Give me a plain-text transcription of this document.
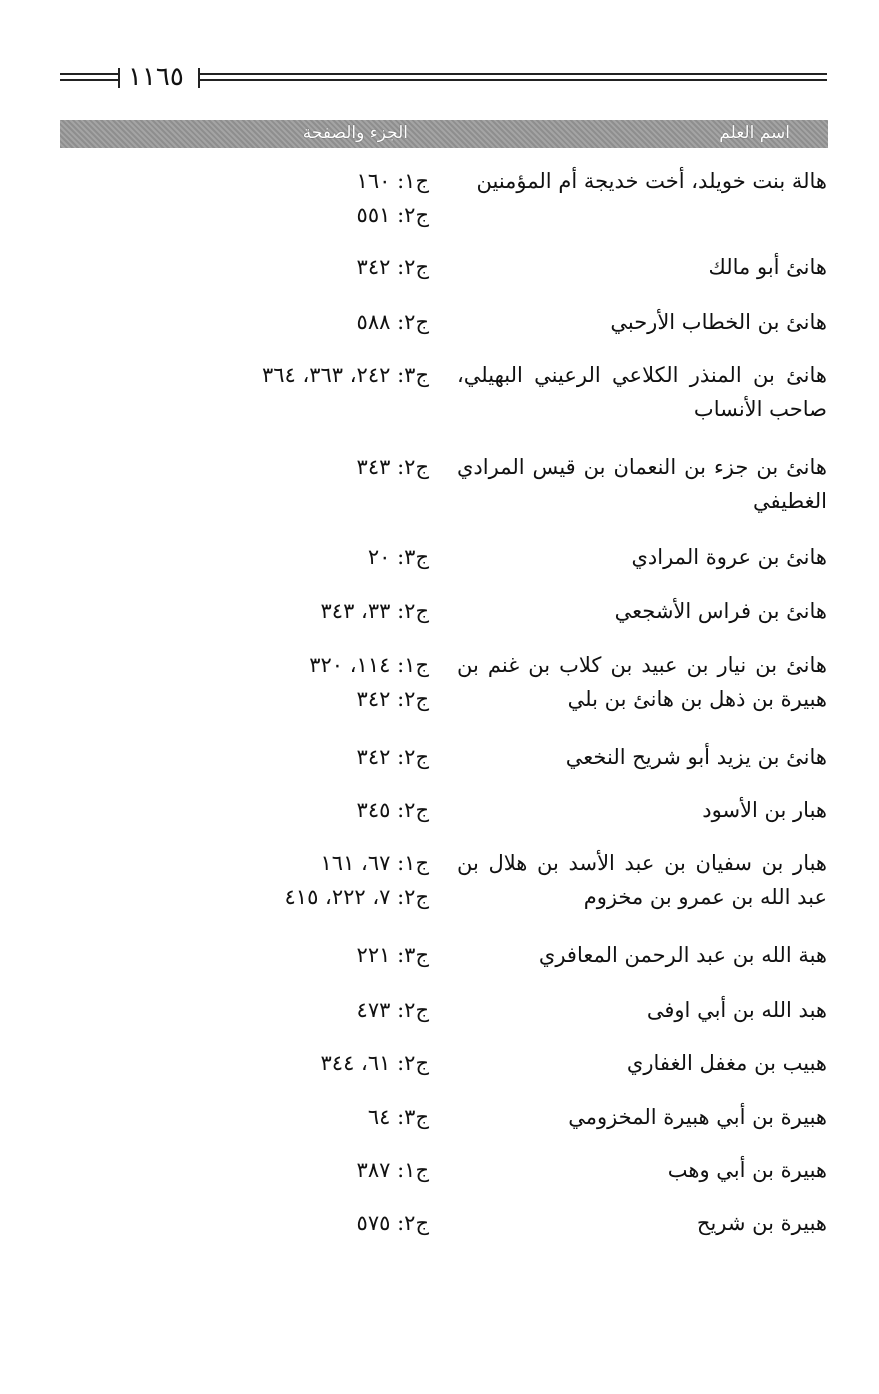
١١٦٥
اسم العلم
الجزء والصفحة
هالة بنت خويلد، أخت خديجة أم المؤمنين
ج١: ١٦٠
ج٢: ٥٥١
هانئ أبو مالك
ج٢: ٣٤٢
هانئ بن الخطاب الأرحبي
ج٢: ٥٨٨
هانئ بن المنذر الكلاعي الرعيني البهيلي، صاحب الأنساب
ج٣: ٢٤٢، ٣٦٣، ٣٦٤
هانئ بن جزء بن النعمان بن قيس المرادي الغطيفي
ج٢: ٣٤٣
هانئ بن عروة المرادي
ج٣: ٢٠
هانئ بن فراس الأشجعي
ج٢: ٣٣، ٣٤٣
هانئ بن نيار بن عبيد بن كلاب بن غنم بن هبيرة بن ذهل بن هانئ بن بلي
ج١: ١١٤، ٣٢٠
ج٢: ٣٤٢
هانئ بن يزيد أبو شريح النخعي
ج٢: ٣٤٢
هبار بن الأسود
ج٢: ٣٤٥
هبار بن سفيان بن عبد الأسد بن هلال بن عبد الله بن عمرو بن مخزوم
ج١: ٦٧، ١٦١
ج٢: ٧، ٢٢٢، ٤١٥
هبة الله بن عبد الرحمن المعافري
ج٣: ٢٢١
هبد الله بن أبي اوفى
ج٢: ٤٧٣
هبيب بن مغفل الغفاري
ج٢: ٦١، ٣٤٤
هبيرة بن أبي هبيرة المخزومي
ج٣: ٦٤
هبيرة بن أبي وهب
ج١: ٣٨٧
هبيرة بن شريح
ج٢: ٥٧٥
